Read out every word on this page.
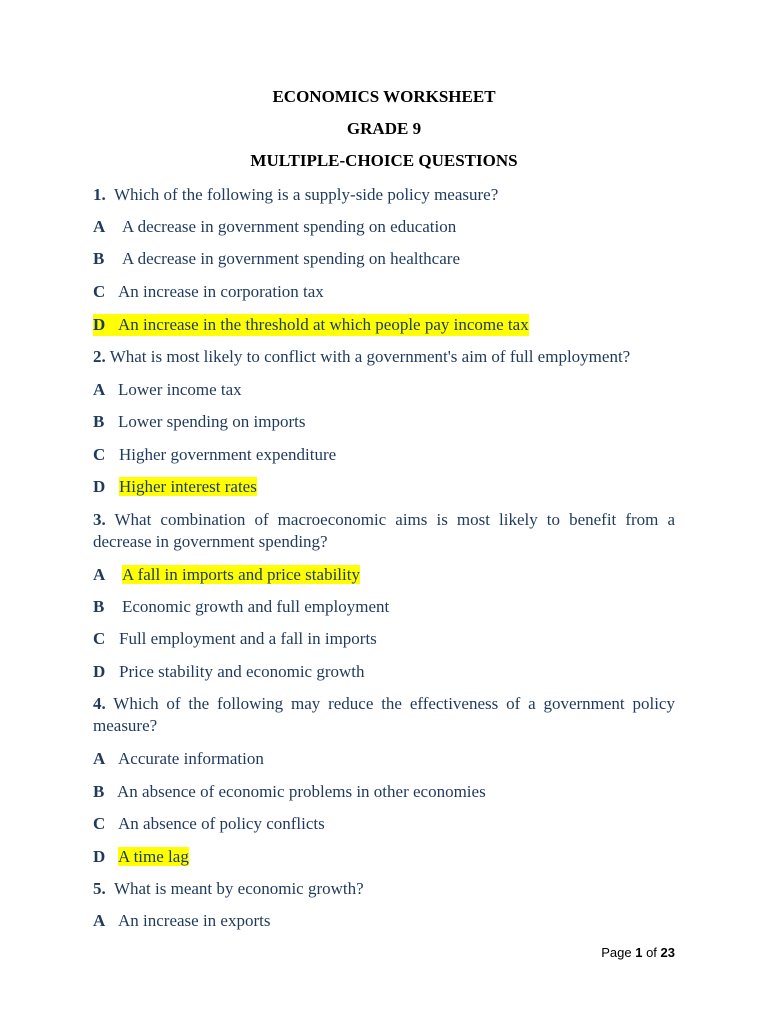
ECONOMICS WORKSHEET
GRADE 9
MULTIPLE-CHOICE QUESTIONS
1. Which of the following is a supply-side policy measure?
A A decrease in government spending on education
B A decrease in government spending on healthcare
C An increase in corporation tax
D An increase in the threshold at which people pay income tax
2. What is most likely to conflict with a government's aim of full employment?
A Lower income tax
B Lower spending on imports
C Higher government expenditure
D Higher interest rates
3. What combination of macroeconomic aims is most likely to benefit from a decrease in government spending?
A A fall in imports and price stability
B Economic growth and full employment
C Full employment and a fall in imports
D Price stability and economic growth
4. Which of the following may reduce the effectiveness of a government policy measure?
A Accurate information
B An absence of economic problems in other economies
C An absence of policy conflicts
D A time lag
5. What is meant by economic growth?
A An increase in exports
Page 1 of 23
